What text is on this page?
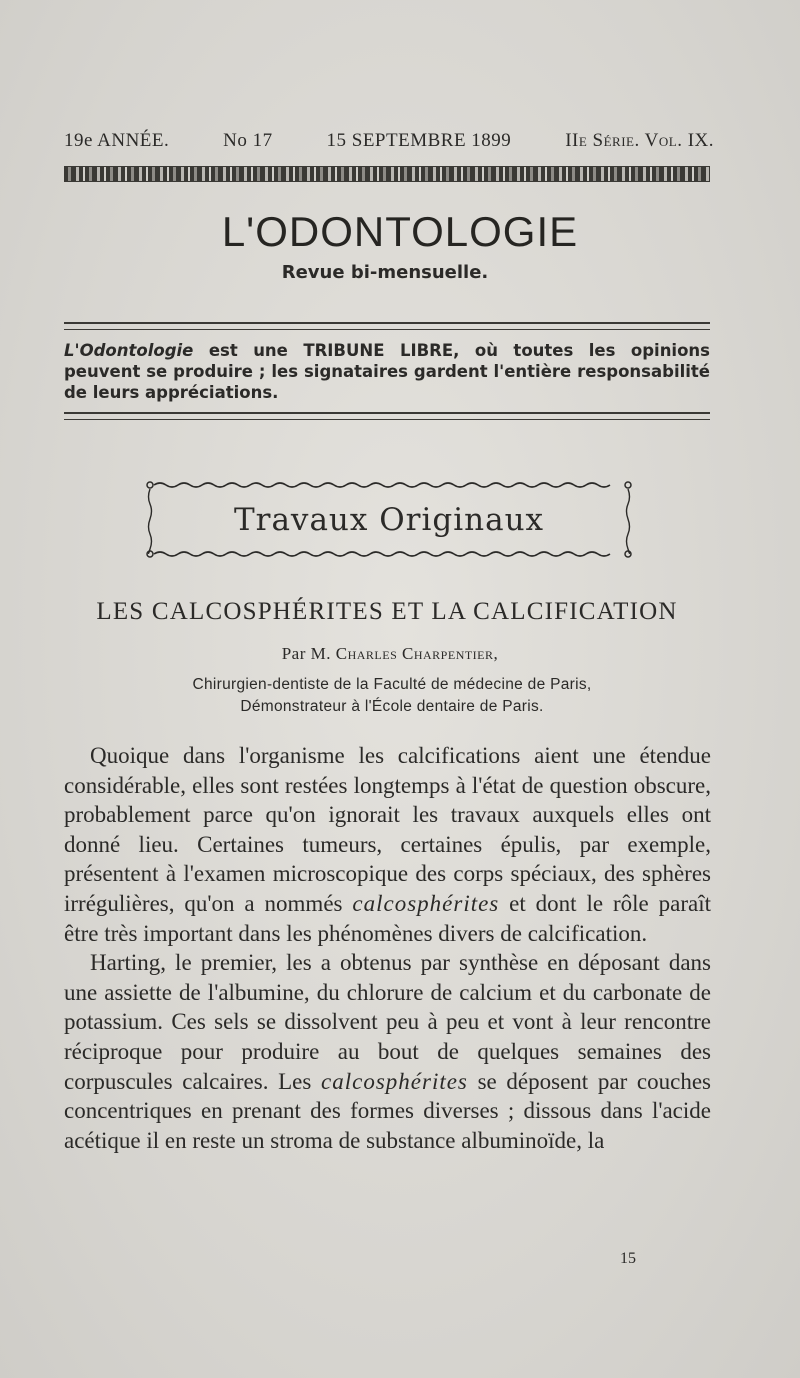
19e ANNÉE.	No 17	15 SEPTEMBRE 1899	IIe Série. Vol. IX.
L'ODONTOLOGIE
Revue bi-mensuelle.
L'Odontologie est une TRIBUNE LIBRE, où toutes les opinions peuvent se produire ; les signataires gardent l'entière responsabilité de leurs appréciations.
Travaux Originaux
LES CALCOSPHÉRITES ET LA CALCIFICATION
Par M. Charles Charpentier,
Chirurgien-dentiste de la Faculté de médecine de Paris,
Démonstrateur à l'École dentaire de Paris.

Quoique dans l'organisme les calcifications aient une étendue considérable, elles sont restées longtemps à l'état de question obscure, probablement parce qu'on ignorait les travaux auxquels elles ont donné lieu. Certaines tumeurs, certaines épulis, par exemple, présentent à l'examen microscopique des corps spéciaux, des sphères irrégulières, qu'on a nommés calcosphérites et dont le rôle paraît être très important dans les phénomènes divers de calcification.

Harting, le premier, les a obtenus par synthèse en déposant dans une assiette de l'albumine, du chlorure de calcium et du carbonate de potassium. Ces sels se dissolvent peu à peu et vont à leur rencontre réciproque pour produire au bout de quelques semaines des corpuscules calcaires. Les calcosphérites se déposent par couches concentriques en prenant des formes diverses ; dissous dans l'acide acétique il en reste un stroma de substance albuminoïde, la

15
